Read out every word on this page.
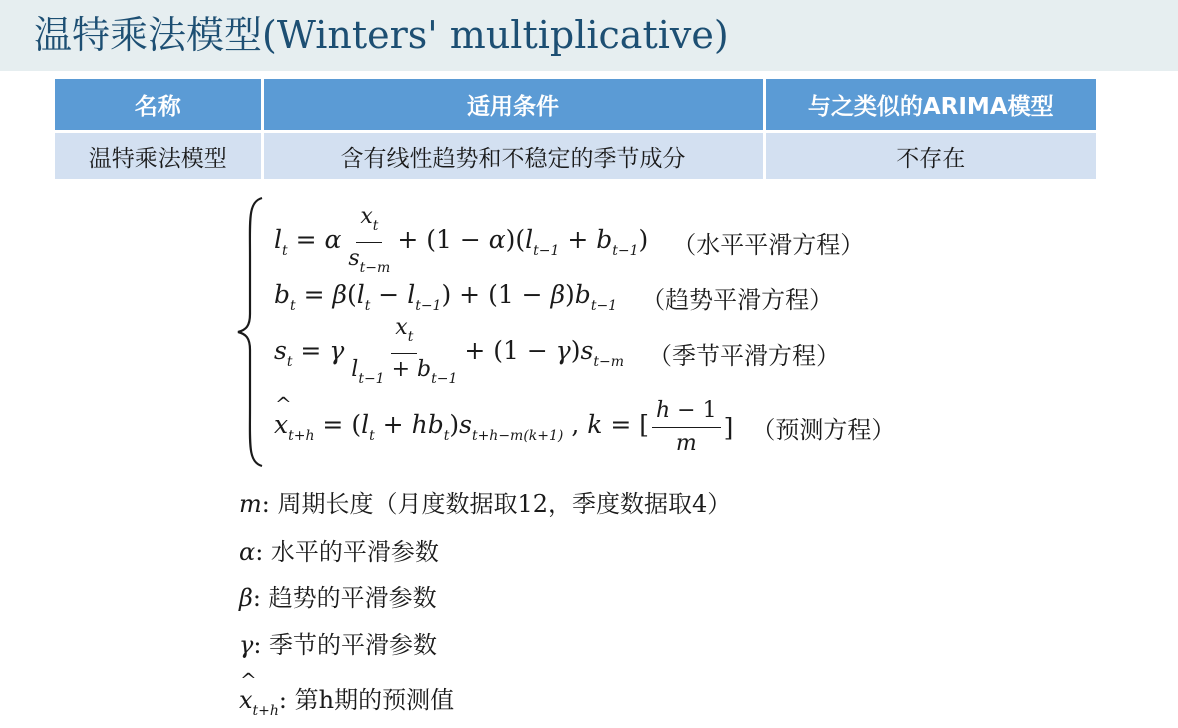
温特乘法模型(Winters' multiplicative)
名称	适用条件	与之类似的ARIMA模型
温特乘法模型	含有线性趋势和不稳定的季节成分	不存在
$l_t = \alpha \frac{x_t}{s_{t-m}} + (1 - \alpha)(l_{t-1} + b_{t-1})$ （水平平滑方程）
$b_t = \beta(l_t - l_{t-1}) + (1 - \beta)b_{t-1}$ （趋势平滑方程）
$s_t = \gamma \frac{x_t}{l_{t-1} + b_{t-1}} + (1 - \gamma)s_{t-m}$ （季节平滑方程）
^ $x_{t+h} = (l_t + hb_t)s_{t+h-m(k+1)}$ , k = [ $\frac{h - 1}{m}$ ] （预测方程）
m: 周期长度（月度数据取12，季度数据取4）
α: 水平的平滑参数
β: 趋势的平滑参数
γ: 季节的平滑参数
^ $x_{t+h}$: 第h期的预测值
